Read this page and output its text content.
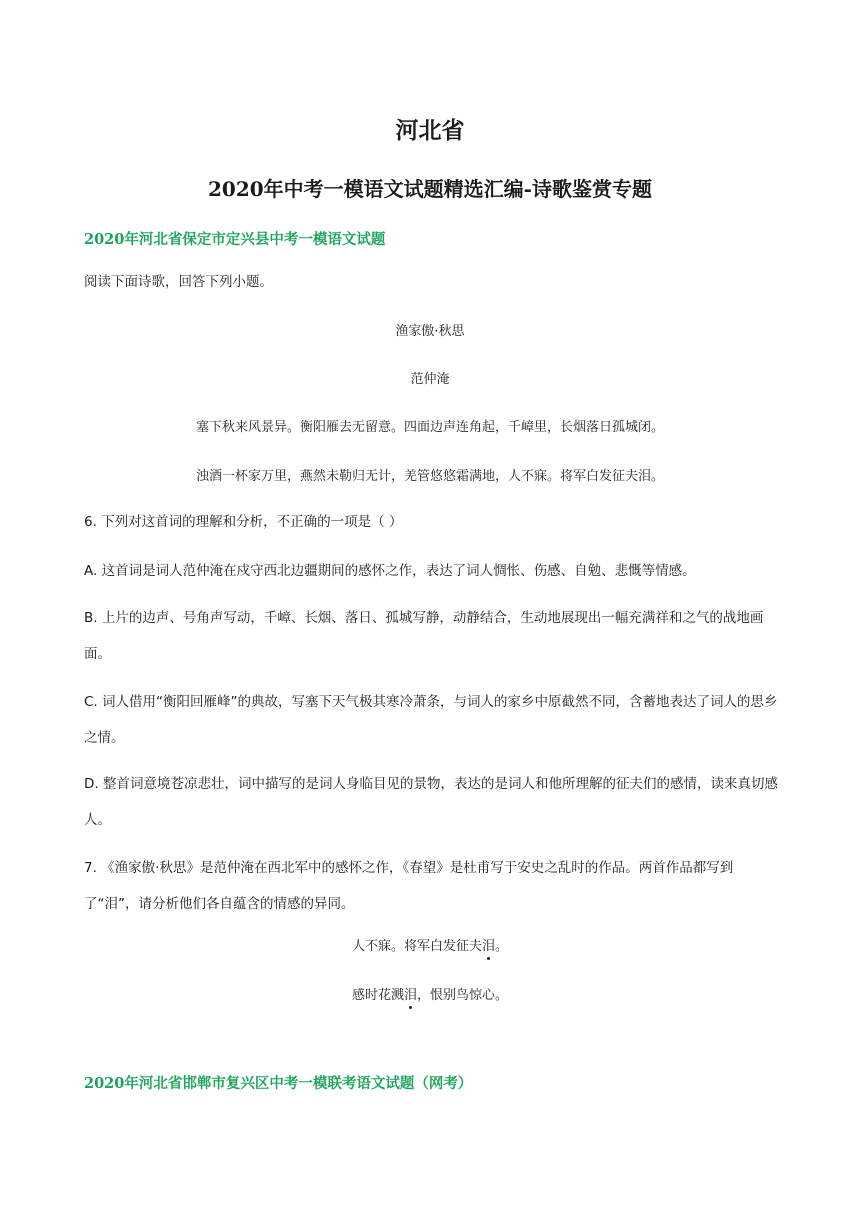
河北省
2020年中考一模语文试题精选汇编-诗歌鉴赏专题
2020年河北省保定市定兴县中考一模语文试题
阅读下面诗歌，回答下列小题。
渔家傲·秋思
范仲淹
塞下秋来风景异。衡阳雁去无留意。四面边声连角起，千嶂里，长烟落日孤城闭。
浊酒一杯家万里，燕然未勒归无计，羌管悠悠霜满地，人不寐。将军白发征夫泪。
6. 下列对这首词的理解和分析，不正确的一项是（ ）
A. 这首词是词人范仲淹在戍守西北边疆期间的感怀之作，表达了词人惆怅、伤感、自勉、悲慨等情感。
B. 上片的边声、号角声写动，千嶂、长烟、落日、孤城写静，动静结合，生动地展现出一幅充满祥和之气的战地画面。
C. 词人借用“衡阳回雁峰”的典故，写塞下天气极其寒冷萧条，与词人的家乡中原截然不同，含蓄地表达了词人的思乡之情。
D. 整首词意境苍凉悲壮，词中描写的是词人身临目见的景物，表达的是词人和他所理解的征夫们的感情，读来真切感人。
7. 《渔家傲·秋思》是范仲淹在西北军中的感怀之作，《春望》是杜甫写于安史之乱时的作品。两首作品都写到了“泪”，请分析他们各自蕴含的情感的异同。
人不寐。将军白发征夫泪。
感时花溅泪，恨别鸟惊心。
2020年河北省邯郸市复兴区中考一模联考语文试题（网考）
